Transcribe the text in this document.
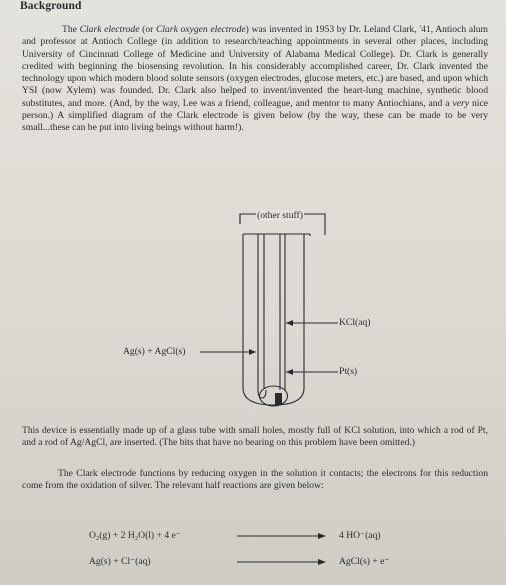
Background

The Clark electrode (or Clark oxygen electrode) was invented in 1953 by Dr. Leland Clark, '41, Antioch alum and professor at Antioch College (in addition to research/teaching appointments in several other places, including University of Cincinnati College of Medicine and University of Alabama Medical College). Dr. Clark is generally credited with beginning the biosensing revolution. In his considerably accomplished career, Dr. Clark invented the technology upon which modern blood solute sensors (oxygen electrodes, glucose meters, etc.) are based, and upon which YSI (now Xylem) was founded. Dr. Clark also helped to invent/invented the heart-lung machine, synthetic blood substitutes, and more. (And, by the way, Lee was a friend, colleague, and mentor to many Antiochians, and a very nice person.) A simplified diagram of the Clark electrode is given below (by the way, these can be made to be very small...these can be put into living beings without harm!).

(other stuff)
KCl(aq)
Ag(s) + AgCl(s)
Pt(s)

This device is essentially made up of a glass tube with small holes, mostly full of KCl solution, into which a rod of Pt, and a rod of Ag/AgCl, are inserted. (The bits that have no bearing on this problem have been omitted.)

The Clark electrode functions by reducing oxygen in the solution it contacts; the electrons for this reduction come from the oxidation of silver. The relevant half reactions are given below:

O₂(g) + 2 H₂O(l) + 4 e⁻
Ag(s) + Cl⁻(aq)
4 HO⁻(aq)
AgCl(s) + e⁻
